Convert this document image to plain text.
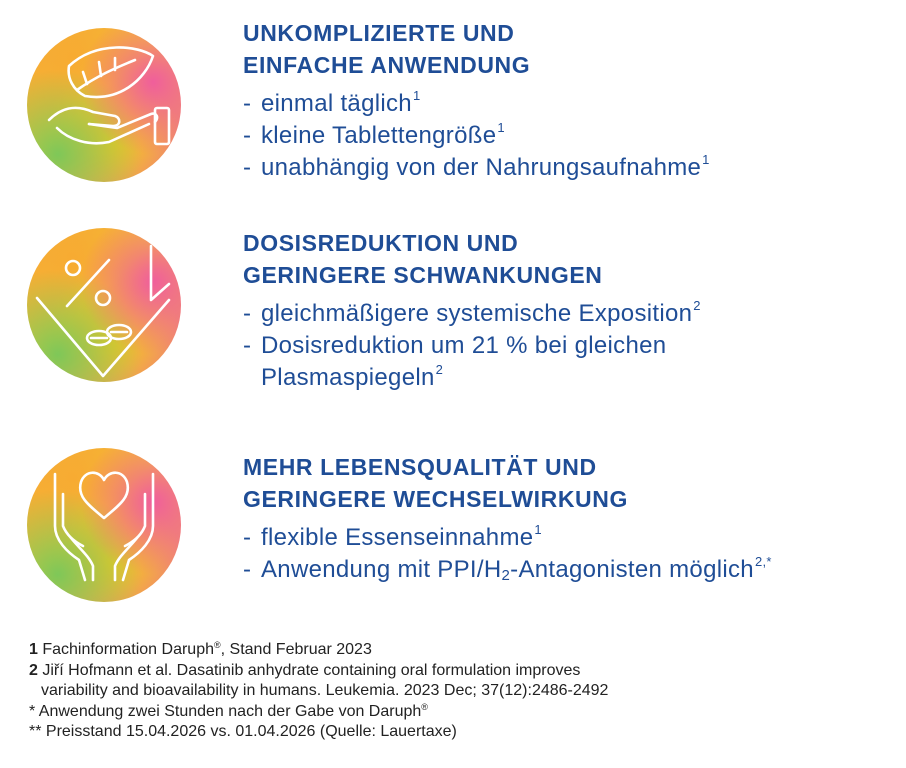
UNKOMPLIZIERTE UND
EINFACHE ANWENDUNG
- einmal täglich$^1$
- kleine Tablettengröße$^1$
- unabhängig von der Nahrungsaufnahme$^1$
DOSISREDUKTION UND
GERINGERE SCHWANKUNGEN
- gleichmäßigere systemische Exposition$^2$
- Dosisreduktion um 21 % bei gleichen
Plasmaspiegeln$^2$
MEHR LEBENSQUALITÄT UND
GERINGERE WECHSELWIRKUNG
- flexible Essenseinnahme$^1$
- Anwendung mit PPI/$H_2$-Antagonisten möglich$^{2,*}$
1 Fachinformation Daruph®, Stand Februar 2023
2 Jiří Hofmann et al. Dasatinib anhydrate containing oral formulation improves
variability and bioavailability in humans. Leukemia. 2023 Dec; 37(12):2486-2492
* Anwendung zwei Stunden nach der Gabe von Daruph®
** Preisstand 15.04.2026 vs. 01.04.2026 (Quelle: Lauertaxe)
